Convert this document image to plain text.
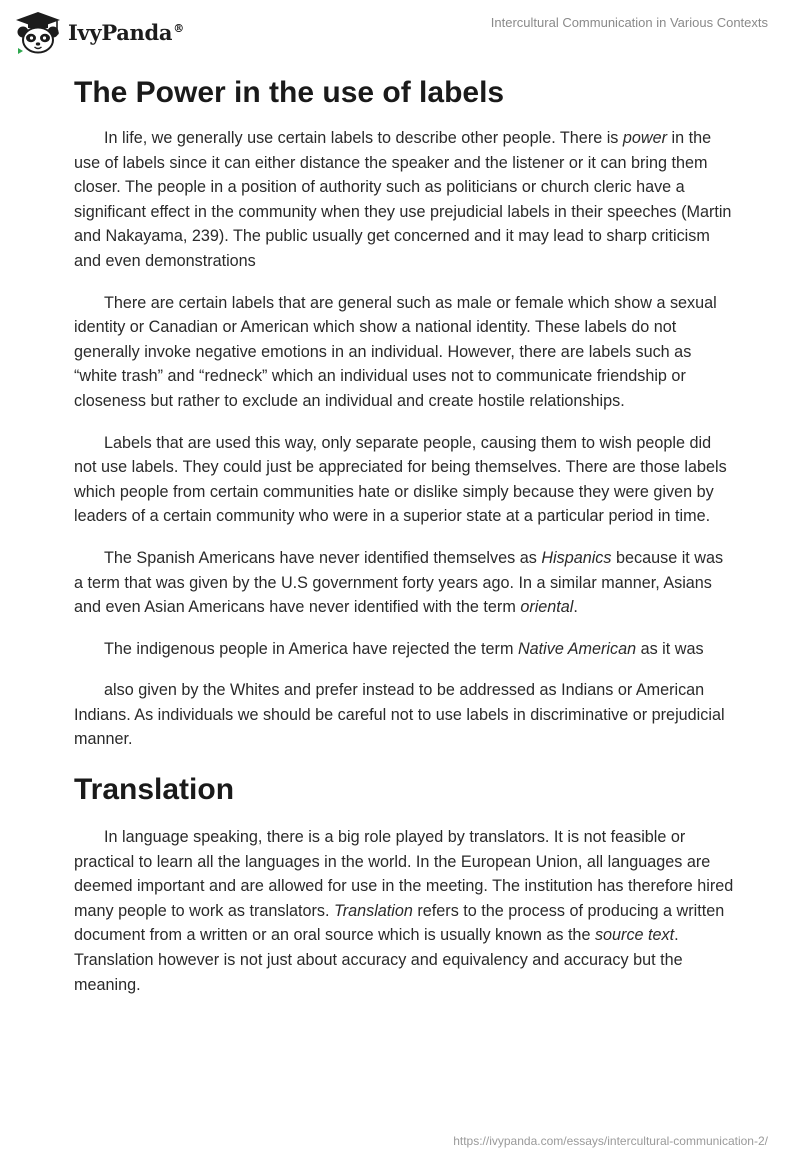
IvyPanda®	Intercultural Communication in Various Contexts
The Power in the use of labels

In life, we generally use certain labels to describe other people. There is power in the use of labels since it can either distance the speaker and the listener or it can bring them closer. The people in a position of authority such as politicians or church cleric have a significant effect in the community when they use prejudicial labels in their speeches (Martin and Nakayama, 239). The public usually get concerned and it may lead to sharp criticism and even demonstrations

There are certain labels that are general such as male or female which show a sexual identity or Canadian or American which show a national identity. These labels do not generally invoke negative emotions in an individual. However, there are labels such as “white trash” and “redneck” which an individual uses not to communicate friendship or closeness but rather to exclude an individual and create hostile relationships.

Labels that are used this way, only separate people, causing them to wish people did not use labels. They could just be appreciated for being themselves. There are those labels which people from certain communities hate or dislike simply because they were given by leaders of a certain community who were in a superior state at a particular period in time.

The Spanish Americans have never identified themselves as Hispanics because it was a term that was given by the U.S government forty years ago. In a similar manner, Asians and even Asian Americans have never identified with the term oriental.

The indigenous people in America have rejected the term Native American as it was

also given by the Whites and prefer instead to be addressed as Indians or American Indians. As individuals we should be careful not to use labels in discriminative or prejudicial manner.

Translation

In language speaking, there is a big role played by translators. It is not feasible or practical to learn all the languages in the world. In the European Union, all languages are deemed important and are allowed for use in the meeting. The institution has therefore hired many people to work as translators. Translation refers to the process of producing a written document from a written or an oral source which is usually known as the source text. Translation however is not just about accuracy and equivalency and accuracy but the meaning.

https://ivypanda.com/essays/intercultural-communication-2/
